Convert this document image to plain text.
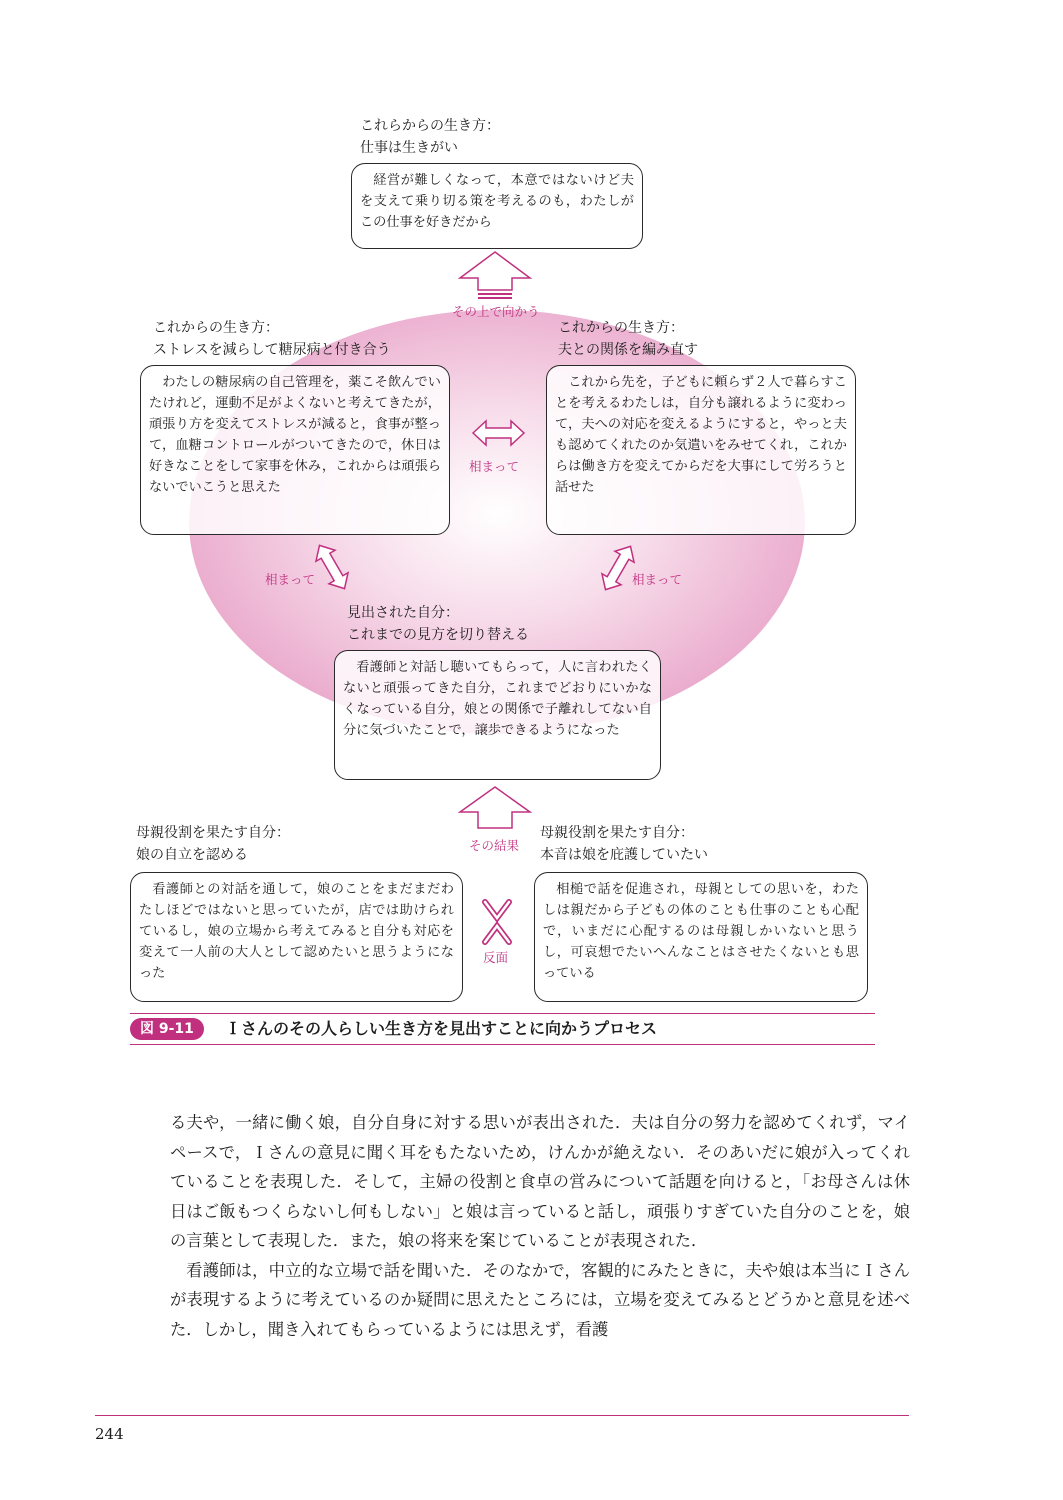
これらからの生き方：
仕事は生きがい

経営が難しくなって，本意ではないけど夫を支えて乗り切る策を考えるのも，わたしがこの仕事を好きだから

これからの生き方：
ストレスを減らして糖尿病と付き合う

わたしの糖尿病の自己管理を，薬こそ飲んでいたけれど，運動不足がよくないと考えてきたが，頑張り方を変えてストレスが減ると，食事が整って，血糖コントロールがついてきたので，休日は好きなことをして家事を休み，これからは頑張らないでいこうと思えた

これからの生き方：
夫との関係を編み直す

これから先を，子どもに頼らず２人で暮らすことを考えるわたしは，自分も譲れるように変わって，夫への対応を変えるようにすると，やっと夫も認めてくれたのか気遣いをみせてくれ，これからは働き方を変えてからだを大事にして労ろうと話せた

見出された自分：
これまでの見方を切り替える

看護師と対話し聴いてもらって，人に言われたくないと頑張ってきた自分，これまでどおりにいかなくなっている自分，娘との関係で子離れしてない自分に気づいたことで，譲歩できるようになった

母親役割を果たす自分：
娘の自立を認める

看護師との対話を通して，娘のことをまだまだわたしほどではないと思っていたが，店では助けられているし，娘の立場から考えてみると自分も対応を変えて一人前の大人として認めたいと思うようになった

母親役割を果たす自分：
本音は娘を庇護していたい

相槌で話を促進され，母親としての思いを，わたしは親だから子どもの体のことも仕事のことも心配で，いまだに心配するのは母親しかいないと思うし，可哀想でたいへんなことはさせたくないとも思っている

その上で向かう
相まって
相まって	相まって
その結果
反面
図 9-11	Ｉさんのその人らしい生き方を見出すことに向かうプロセス

る夫や，一緒に働く娘，自分自身に対する思いが表出された．夫は自分の努力を認めてくれず，マイペースで，Ｉさんの意見に聞く耳をもたないため，けんかが絶えない．そのあいだに娘が入ってくれていることを表現した．そして，主婦の役割と食卓の営みについて話題を向けると，「お母さんは休日はご飯もつくらないし何もしない」と娘は言っていると話し，頑張りすぎていた自分のことを，娘の言葉として表現した．また，娘の将来を案じていることが表現された．

看護師は，中立的な立場で話を聞いた．そのなかで，客観的にみたときに，夫や娘は本当にＩさんが表現するように考えているのか疑問に思えたところには，立場を変えてみるとどうかと意見を述べた．しかし，聞き入れてもらっているようには思えず，看護

244
